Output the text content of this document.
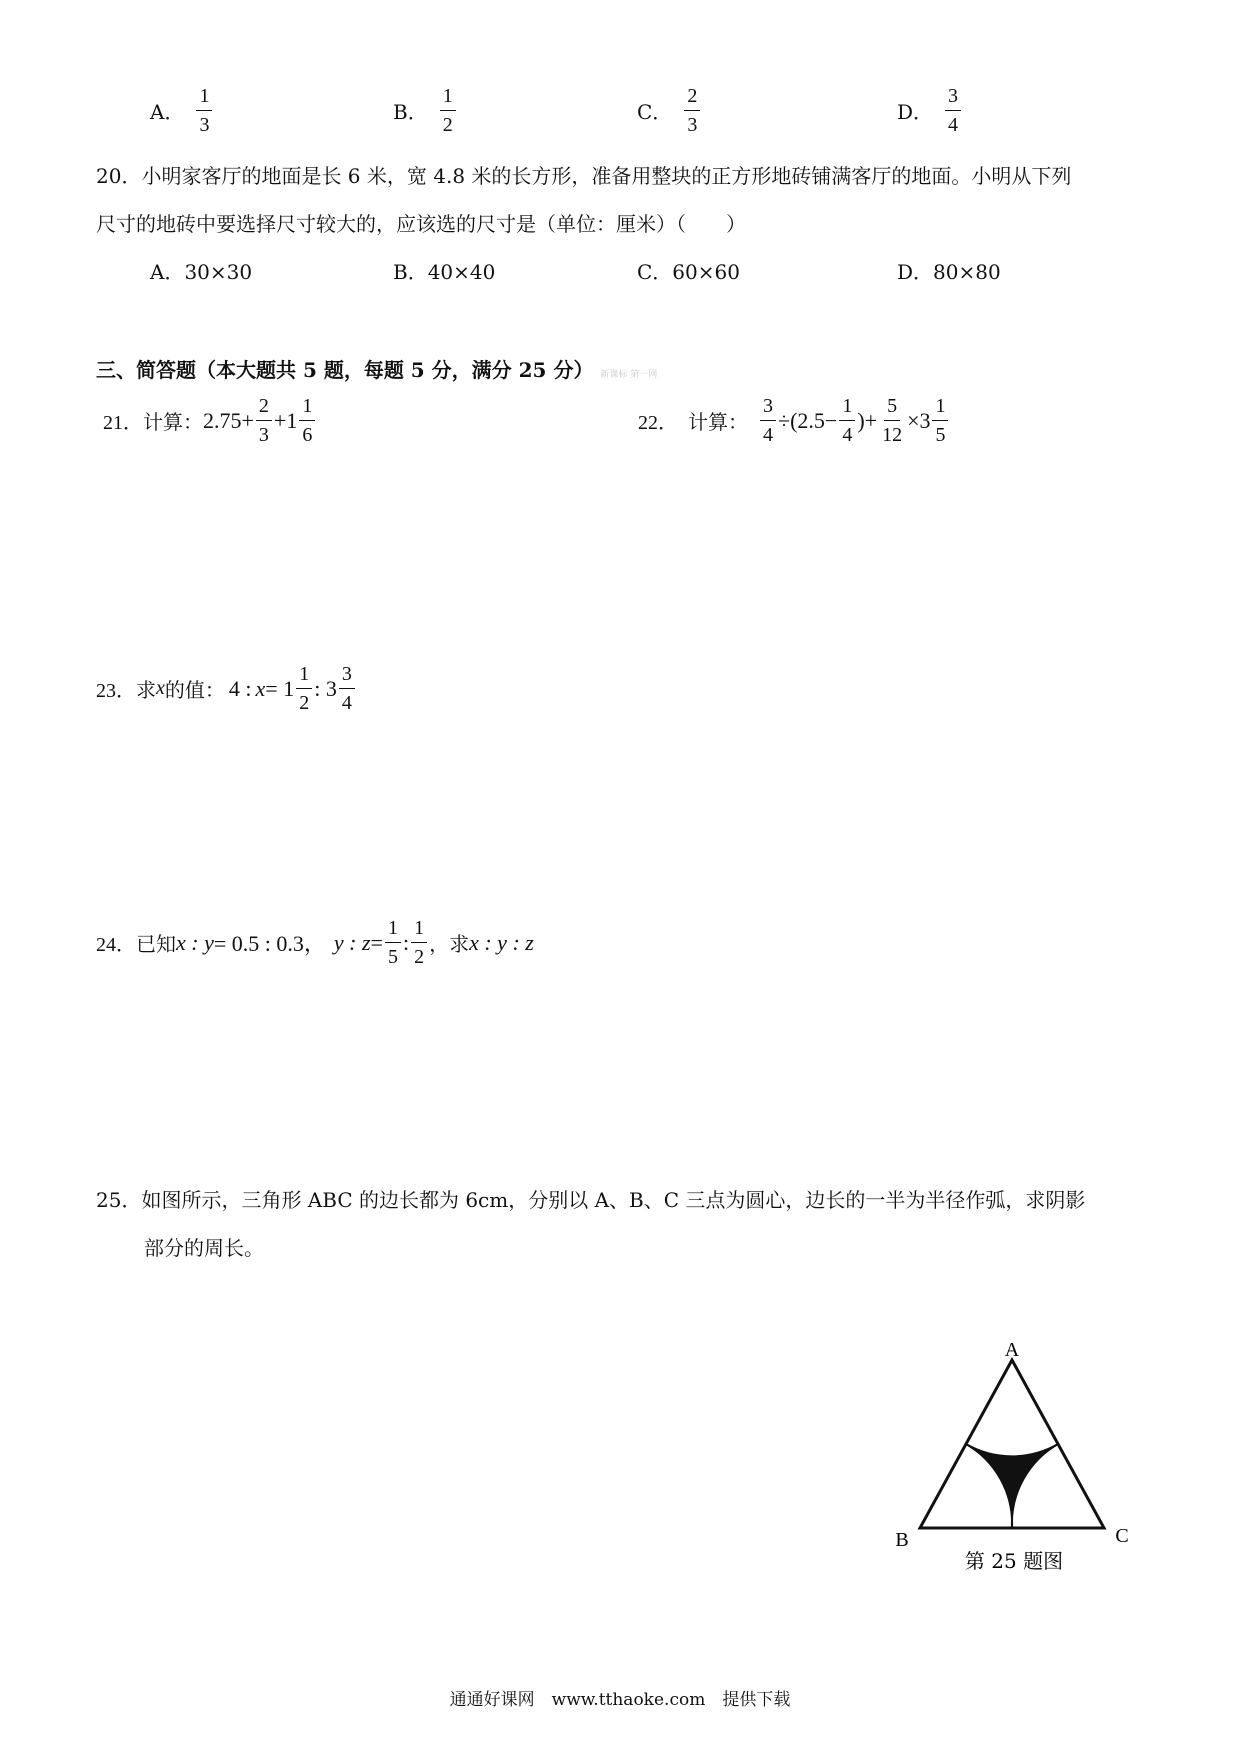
A． $\frac{1}{3}$	B． $\frac{1}{2}$	C． $\frac{2}{3}$	D． $\frac{3}{4}$
20．小明家客厅的地面是长 6 米，宽 4.8 米的长方形，准备用整块的正方形地砖铺满客厅的地面。小明从下列
尺寸的地砖中要选择尺寸较大的，应该选的尺寸是（单位：厘米）（　　）
A．30×30	B．40×40	C．60×60	D．80×80
三、简答题（本大题共 5 题，每题 5 分，满分 25 分） 新课标 第一网
21．计算： $2.75 + \frac{2}{3} + 1 \frac{1}{6}$	22．　计算： $\frac{3}{4} \div(2.5 - \frac{1}{4}$ )+ $\frac{5}{12} \times 3 \frac{1}{5}$
23．求 x 的值： 4 : $x = 1 \frac{1}{2}$ : $3 \frac{3}{4}$
24．已知 x : y = 0.5 : 0.3， y : $z = \frac{1}{5}$ : $\frac{1}{2}$ ，求 x : y : z
25．如图所示，三角形 ABC 的边长都为 6cm，分别以 A、B、C 三点为圆心，边长的一半为半径作弧，求阴影
部分的周长。
A
B	C
第 25 题图
通通好课网　www.tthaoke.com　提供下载
